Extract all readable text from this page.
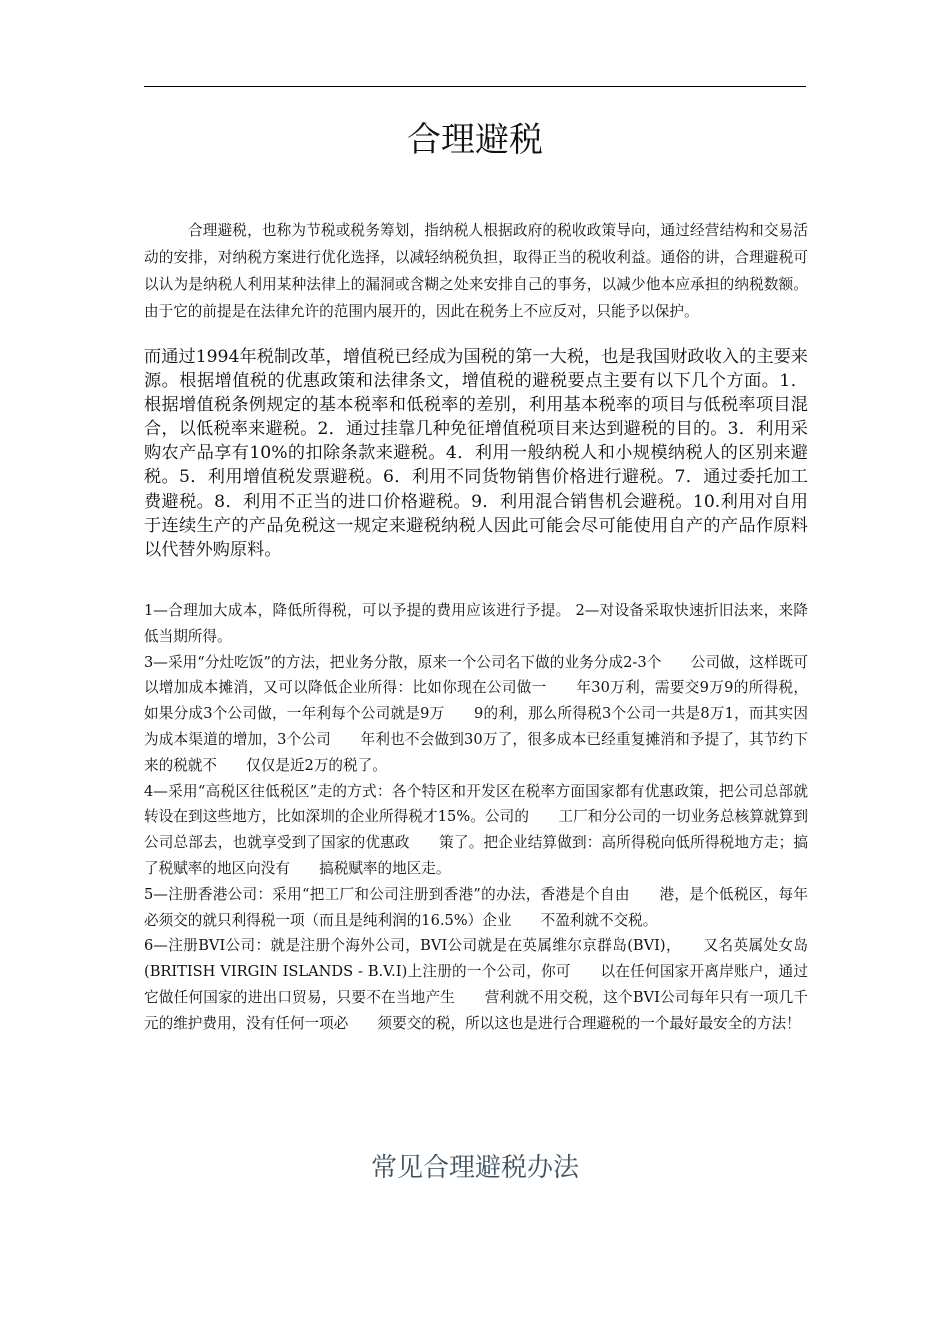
合理避税

合理避税，也称为节税或税务筹划，指纳税人根据政府的税收政策导向，通过经营结构和交易活动的安排，对纳税方案进行优化选择，以减轻纳税负担，取得正当的税收利益。通俗的讲，合理避税可以认为是纳税人利用某种法律上的漏洞或含糊之处来安排自己的事务，以减少他本应承担的纳税数额。由于它的前提是在法律允许的范围内展开的，因此在税务上不应反对，只能予以保护。

而通过1994年税制改革，增值税已经成为国税的第一大税，也是我国财政收入的主要来源。根据增值税的优惠政策和法律条文，增值税的避税要点主要有以下几个方面。1．根据增值税条例规定的基本税率和低税率的差别，利用基本税率的项目与低税率项目混合，以低税率来避税。2．通过挂靠几种免征增值税项目来达到避税的目的。3．利用采购农产品享有10%的扣除条款来避税。4．利用一般纳税人和小规模纳税人的区别来避税。5．利用增值税发票避税。6．利用不同货物销售价格进行避税。7．通过委托加工费避税。8．利用不正当的进口价格避税。9．利用混合销售机会避税。10.利用对自用于连续生产的产品免税这一规定来避税纳税人因此可能会尽可能使用自产的产品作原料以代替外购原料。

1—合理加大成本，降低所得税，可以予提的费用应该进行予提。 2—对设备采取快速折旧法来，来降低当期所得。

3—采用“分灶吃饭”的方法，把业务分散，原来一个公司名下做的业务分成2-3个　　公司做，这样既可以增加成本摊消，又可以降低企业所得：比如你现在公司做一　　年30万利，需要交9万9的所得税，如果分成3个公司做，一年利每个公司就是9万　　9的利，那么所得税3个公司一共是8万1，而其实因为成本渠道的增加，3个公司　　年利也不会做到30万了，很多成本已经重复摊消和予提了，其节约下来的税就不　　仅仅是近2万的税了。

4—采用“高税区往低税区”走的方式：各个特区和开发区在税率方面国家都有优惠政策，把公司总部就转设在到这些地方，比如深圳的企业所得税才15%。公司的　　工厂和分公司的一切业务总核算就算到公司总部去，也就享受到了国家的优惠政　　策了。把企业结算做到：高所得税向低所得税地方走；搞了税赋率的地区向没有　　搞税赋率的地区走。

5—注册香港公司：采用“把工厂和公司注册到香港”的办法，香港是个自由　　港，是个低税区，每年必须交的就只利得税一项（而且是纯利润的16.5%）企业　　不盈利就不交税。

6—注册BVI公司：就是注册个海外公司，BVI公司就是在英属维尔京群岛(BVI)，　　又名英属处女岛 (BRITISH VIRGIN ISLANDS - B.V.I)上注册的一个公司，你可　　以在任何国家开离岸账户，通过它做任何国家的进出口贸易，只要不在当地产生　　营利就不用交税，这个BVI公司每年只有一项几千元的维护费用，没有任何一项必　　须要交的税，所以这也是进行合理避税的一个最好最安全的方法！

常见合理避税办法
